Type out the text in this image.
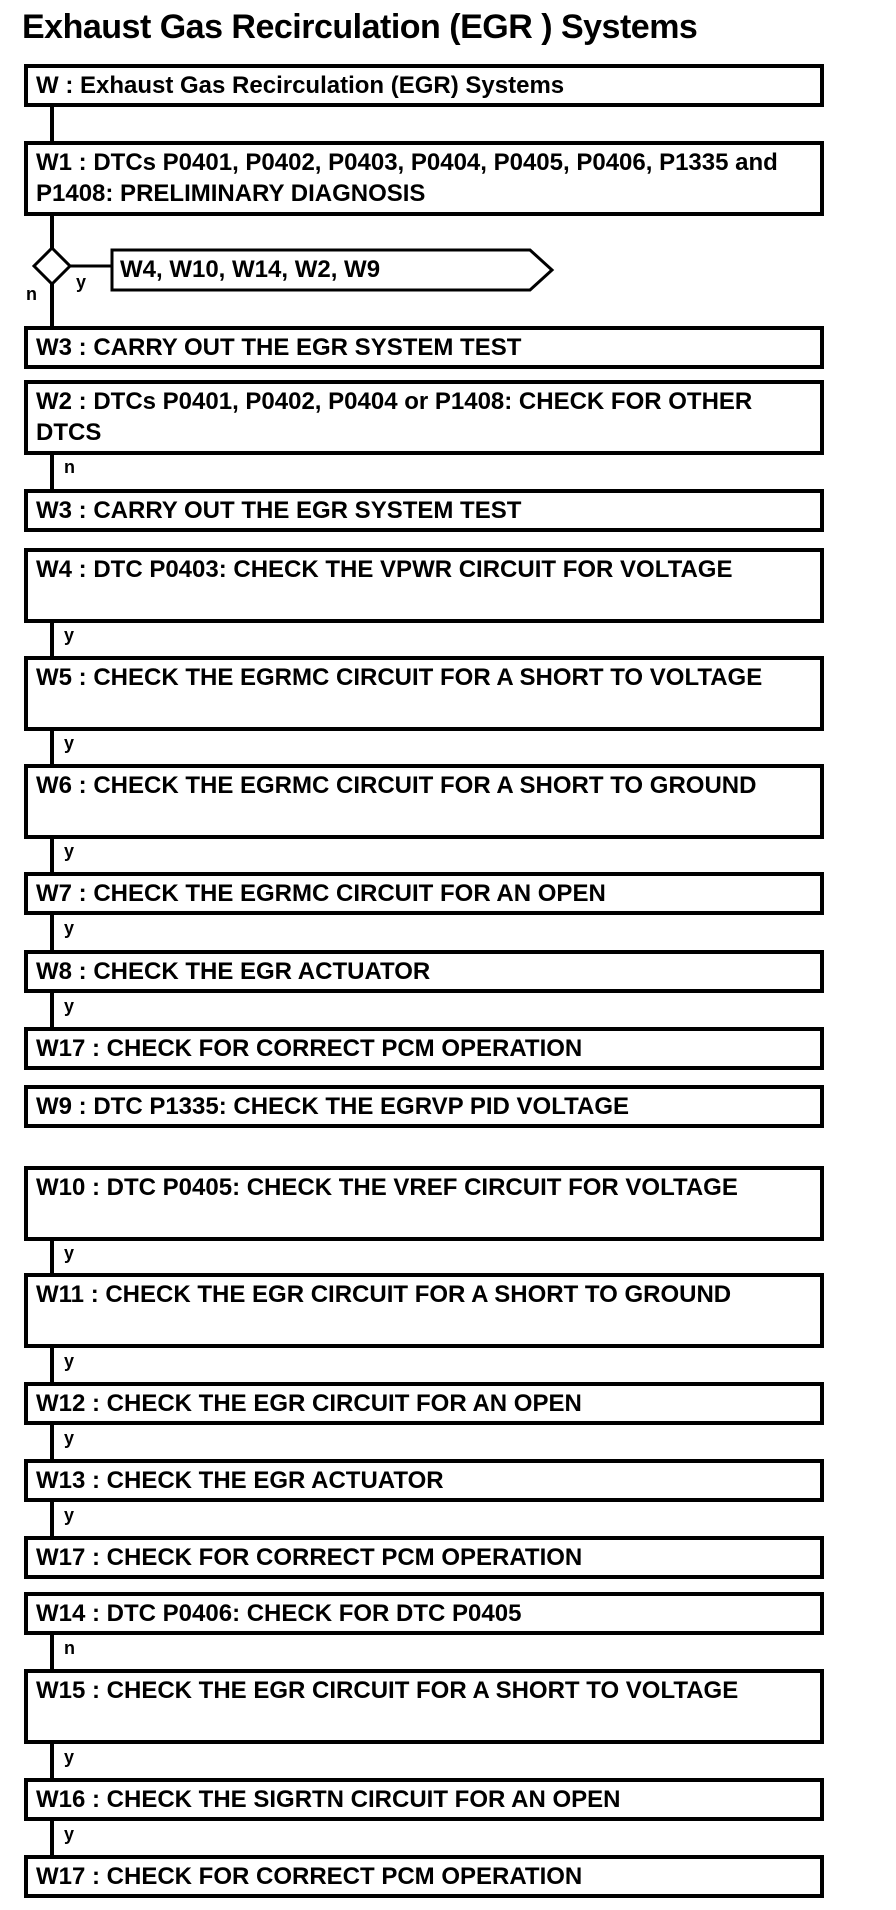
Exhaust Gas Recirculation (EGR ) Systems
W : Exhaust Gas Recirculation (EGR) Systems
W1 : DTCs P0401, P0402, P0403, P0404, P0405, P0406, P1335 and P1408: PRELIMINARY DIAGNOSIS
W3 : CARRY OUT THE EGR SYSTEM TEST
W2 : DTCs P0401, P0402, P0404 or P1408: CHECK FOR OTHER DTCS
W3 : CARRY OUT THE EGR SYSTEM TEST
W4 : DTC P0403: CHECK THE VPWR CIRCUIT FOR VOLTAGE
W5 : CHECK THE EGRMC CIRCUIT FOR A SHORT TO VOLTAGE
W6 : CHECK THE EGRMC CIRCUIT FOR A SHORT TO GROUND
W7 : CHECK THE EGRMC CIRCUIT FOR AN OPEN
W8 : CHECK THE EGR ACTUATOR
W17 : CHECK FOR CORRECT PCM OPERATION
W9 : DTC P1335: CHECK THE EGRVP PID VOLTAGE
W10 : DTC P0405: CHECK THE VREF CIRCUIT FOR VOLTAGE
W11 : CHECK THE EGR CIRCUIT FOR A SHORT TO GROUND
W12 : CHECK THE EGR CIRCUIT FOR AN OPEN
W13 : CHECK THE EGR ACTUATOR
W17 : CHECK FOR CORRECT PCM OPERATION
W14 : DTC P0406: CHECK FOR DTC P0405
W15 : CHECK THE EGR CIRCUIT FOR A SHORT TO VOLTAGE
W16 : CHECK THE SIGRTN CIRCUIT FOR AN OPEN
W17 : CHECK FOR CORRECT PCM OPERATION
n
y
y
y
y
y
y
y
y
y
n
y
y
y
n
W4, W10, W14, W2, W9
